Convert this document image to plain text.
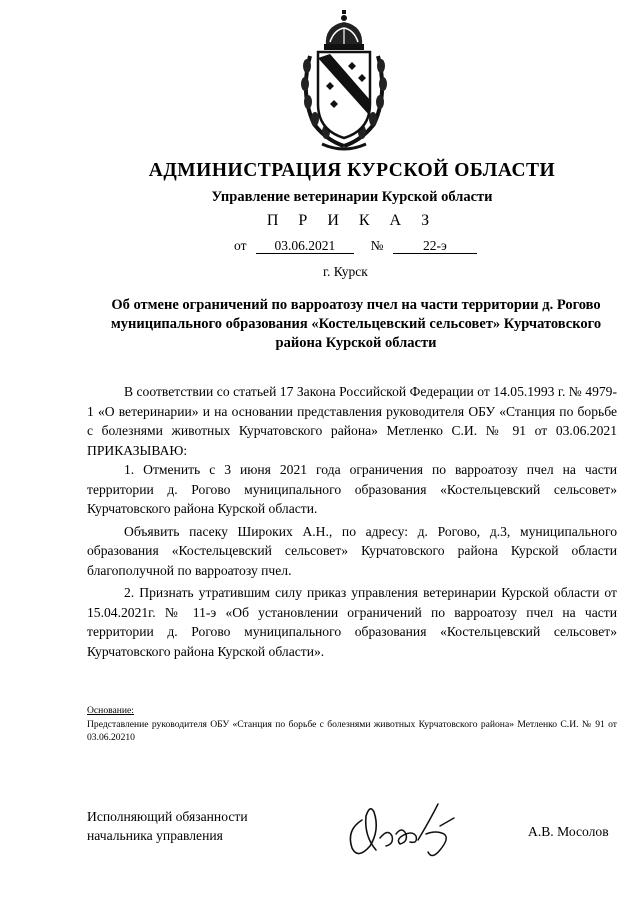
АДМИНИСТРАЦИЯ КУРСКОЙ ОБЛАСТИ
Управление ветеринарии Курской области
П Р И К А З
от 03.06.2021	№	22-э
г. Курск
Об отмене ограничений по варроатозу пчел на части территории д. Рогово муниципального образования «Костельцевский сельсовет» Курчатовского района Курской области

В соответствии со статьей 17 Закона Российской Федерации от 14.05.1993 г. № 4979-1 «О ветеринарии» и на основании представления руководителя ОБУ «Станция по борьбе с болезнями животных Курчатовского района» Метленко С.И. № 91 от 03.06.2021 ПРИКАЗЫВАЮ:

1. Отменить с 3 июня 2021 года ограничения по варроатозу пчел на части территории д. Рогово муниципального образования «Костельцевский сельсовет» Курчатовского района Курской области.

Объявить пасеку Широких А.Н., по адресу: д. Рогово, д.3, муниципального образования «Костельцевский сельсовет» Курчатовского района Курской области благополучной по варроатозу пчел.

2. Признать утратившим силу приказ управления ветеринарии Курской области от 15.04.2021г. № 11-э «Об установлении ограничений по варроатозу пчел на части территории д. Рогово муниципального образования «Костельцевский сельсовет» Курчатовского района Курской области».

Основание:
Представление руководителя ОБУ «Станция по борьбе с болезнями животных Курчатовского района» Метленко С.И. № 91 от 03.06.20210
Исполняющий обязанности
начальника управления	А.В. Мосолов
